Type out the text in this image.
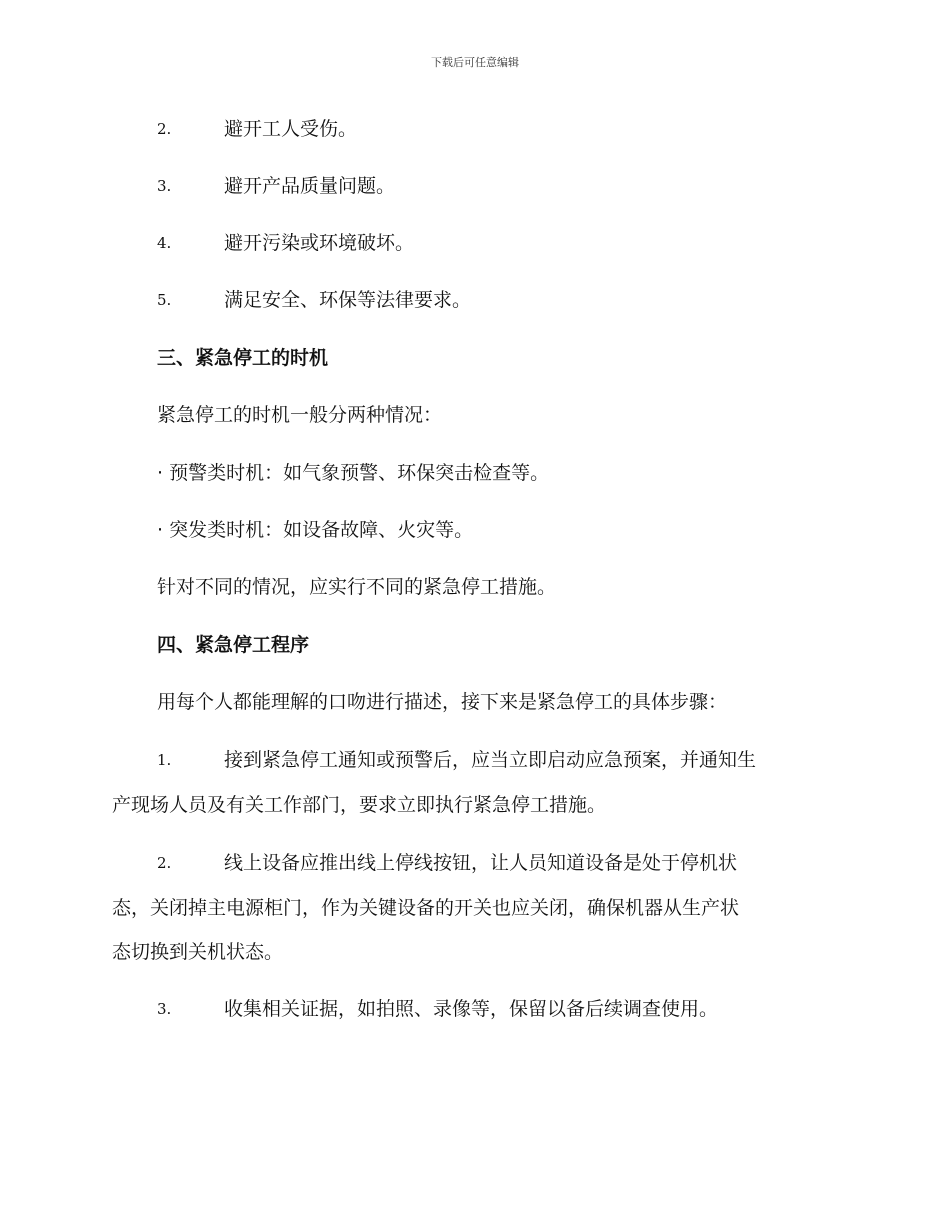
下载后可任意编辑
2.	避开工人受伤。
3.	避开产品质量问题。
4.	避开污染或环境破坏。
5.	满足安全、环保等法律要求。
三、紧急停工的时机
紧急停工的时机一般分两种情况：
· 预警类时机：如气象预警、环保突击检查等。
· 突发类时机：如设备故障、火灾等。
针对不同的情况，应实行不同的紧急停工措施。
四、紧急停工程序
用每个人都能理解的口吻进行描述，接下来是紧急停工的具体步骤：
1.	接到紧急停工通知或预警后，应当立即启动应急预案，并通知生
产现场人员及有关工作部门，要求立即执行紧急停工措施。
2.	线上设备应推出线上停线按钮，让人员知道设备是处于停机状
态，关闭掉主电源柜门，作为关键设备的开关也应关闭，确保机器从生产状
态切换到关机状态。
3.	收集相关证据，如拍照、录像等，保留以备后续调查使用。
